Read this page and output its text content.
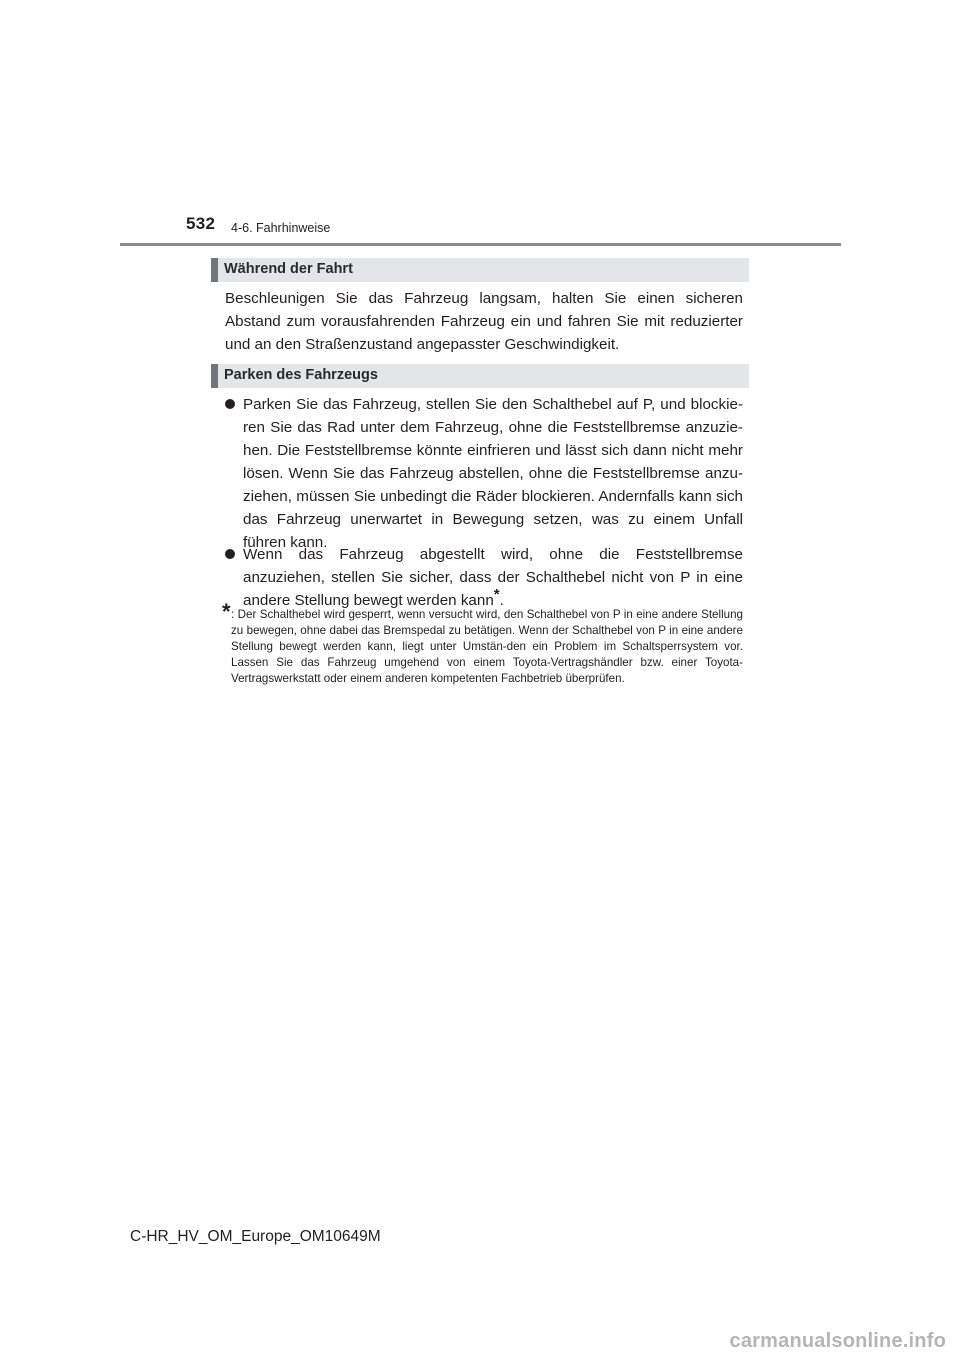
532 4-6. Fahrhinweise
Während der Fahrt

Beschleunigen Sie das Fahrzeug langsam, halten Sie einen sicheren Abstand zum vorausfahrenden Fahrzeug ein und fahren Sie mit reduzierter und an den Straßenzustand angepasster Geschwindigkeit.

Parken des Fahrzeugs
Parken Sie das Fahrzeug, stellen Sie den Schalthebel auf P, und blockie-ren Sie das Rad unter dem Fahrzeug, ohne die Feststellbremse anzuzie-hen. Die Feststellbremse könnte einfrieren und lässt sich dann nicht mehr lösen. Wenn Sie das Fahrzeug abstellen, ohne die Feststellbremse anzu-ziehen, müssen Sie unbedingt die Räder blockieren. Andernfalls kann sich das Fahrzeug unerwartet in Bewegung setzen, was zu einem Unfall führen kann.
Wenn das Fahrzeug abgestellt wird, ohne die Feststellbremse anzuziehen, stellen Sie sicher, dass der Schalthebel nicht von P in eine andere Stellung bewegt werden kann*.
* : Der Schalthebel wird gesperrt, wenn versucht wird, den Schalthebel von P in eine andere Stellung zu bewegen, ohne dabei das Bremspedal zu betätigen. Wenn der Schalthebel von P in eine andere Stellung bewegt werden kann, liegt unter Umstän-den ein Problem im Schaltsperrsystem vor. Lassen Sie das Fahrzeug umgehend von einem Toyota-Vertragshändler bzw. einer Toyota-Vertragswerkstatt oder einem anderen kompetenten Fachbetrieb überprüfen.
C-HR_HV_OM_Europe_OM10649M
carmanualsonline.info
